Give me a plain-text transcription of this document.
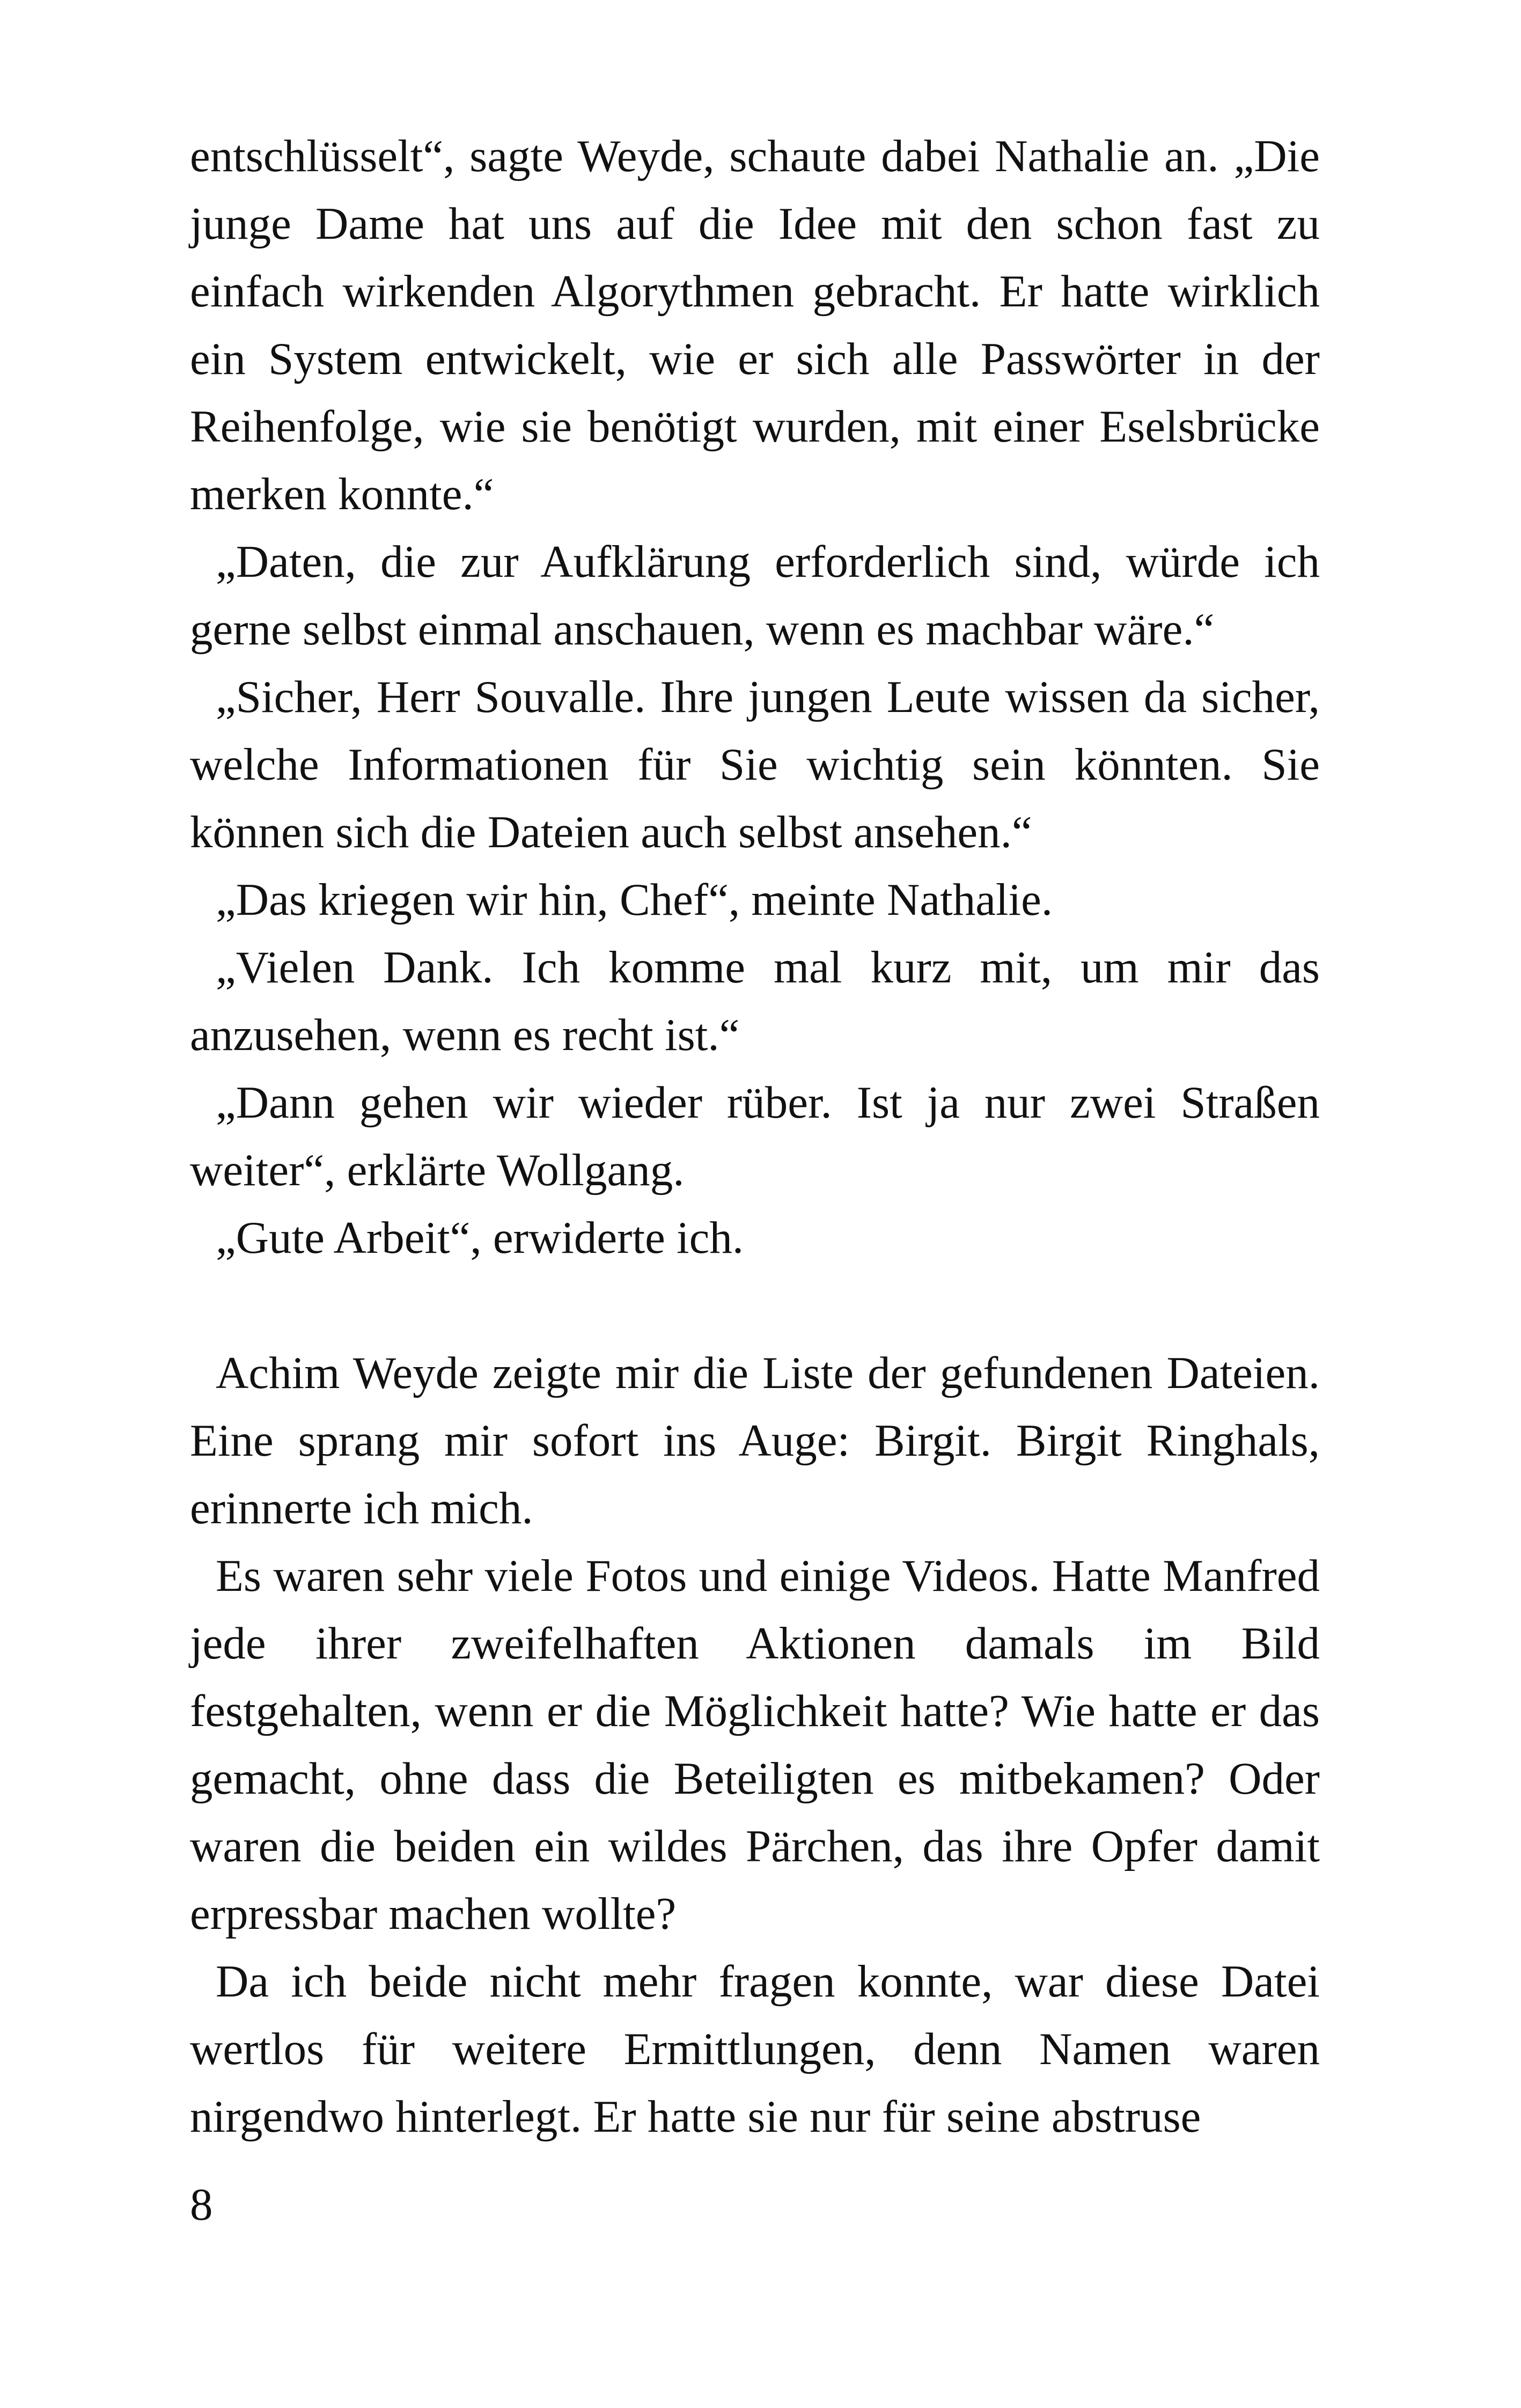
entschlüsselt“, sagte Weyde, schaute dabei Nathalie an. „Die junge Dame hat uns auf die Idee mit den schon fast zu einfach wirkenden Algorythmen gebracht. Er hatte wirklich ein System entwickelt, wie er sich alle Passwörter in der Reihenfolge, wie sie benötigt wurden, mit einer Eselsbrücke merken konnte.“

„Daten, die zur Aufklärung erforderlich sind, würde ich gerne selbst einmal anschauen, wenn es machbar wäre.“

„Sicher, Herr Souvalle. Ihre jungen Leute wissen da sicher, welche Informationen für Sie wichtig sein könnten. Sie können sich die Dateien auch selbst ansehen.“

„Das kriegen wir hin, Chef“, meinte Nathalie.

„Vielen Dank. Ich komme mal kurz mit, um mir das anzusehen, wenn es recht ist.“

„Dann gehen wir wieder rüber. Ist ja nur zwei Straßen weiter“, erklärte Wollgang.

„Gute Arbeit“, erwiderte ich.

Achim Weyde zeigte mir die Liste der gefundenen Dateien. Eine sprang mir sofort ins Auge: Birgit. Birgit Ringhals, erinnerte ich mich.

Es waren sehr viele Fotos und einige Videos. Hatte Manfred jede ihrer zweifelhaften Aktionen damals im Bild festgehalten, wenn er die Möglichkeit hatte? Wie hatte er das gemacht, ohne dass die Beteiligten es mitbekamen? Oder waren die beiden ein wildes Pärchen, das ihre Opfer damit erpressbar machen wollte?

Da ich beide nicht mehr fragen konnte, war diese Datei wertlos für weitere Ermittlungen, denn Namen waren nirgendwo hinterlegt. Er hatte sie nur für seine abstruse

8
